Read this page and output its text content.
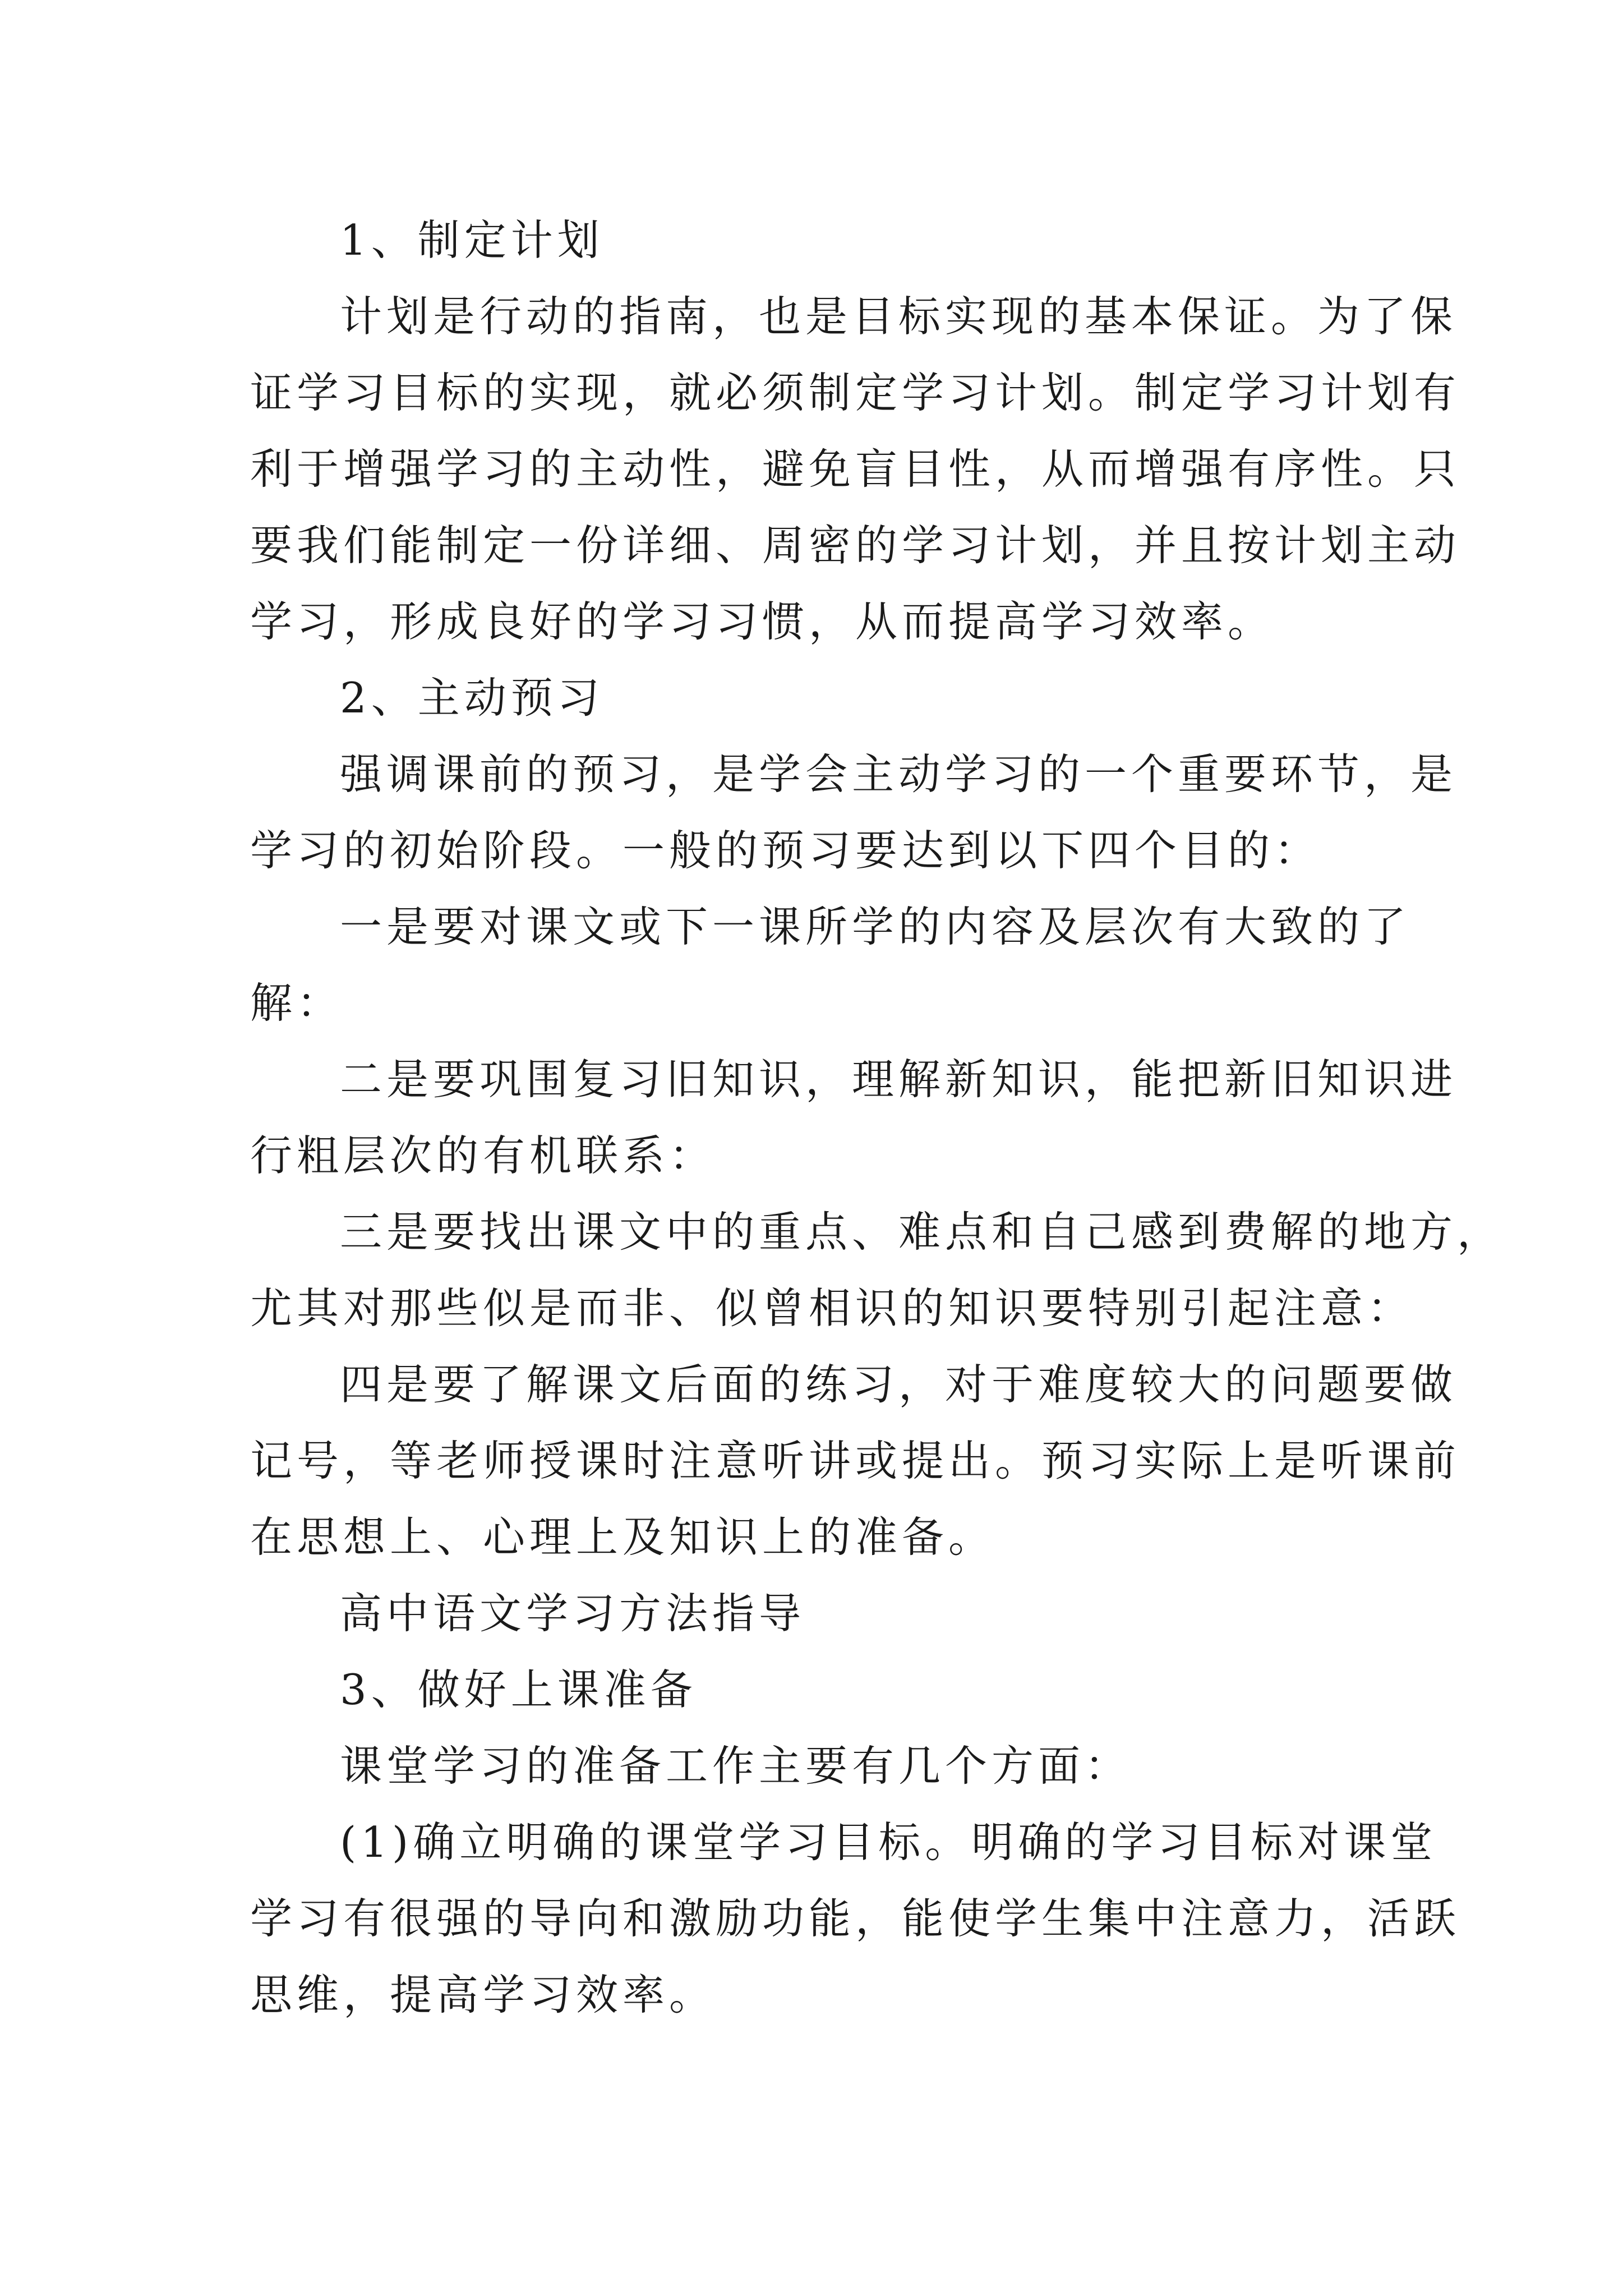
1、制定计划
计划是行动的指南，也是目标实现的基本保证。为了保
证学习目标的实现，就必须制定学习计划。制定学习计划有
利于增强学习的主动性，避免盲目性，从而增强有序性。只
要我们能制定一份详细、周密的学习计划，并且按计划主动
学习，形成良好的学习习惯，从而提高学习效率。
2、主动预习
强调课前的预习，是学会主动学习的一个重要环节，是
学习的初始阶段。一般的预习要达到以下四个目的：
一是要对课文或下一课所学的内容及层次有大致的了
解：
二是要巩围复习旧知识，理解新知识，能把新旧知识进
行粗层次的有机联系：
三是要找出课文中的重点、难点和自己感到费解的地方，
尤其对那些似是而非、似曾相识的知识要特别引起注意：
四是要了解课文后面的练习，对于难度较大的问题要做
记号，等老师授课时注意听讲或提出。预习实际上是听课前
在思想上、心理上及知识上的准备。
高中语文学习方法指导
3、做好上课准备
课堂学习的准备工作主要有几个方面：
(1)确立明确的课堂学习目标。明确的学习目标对课堂
学习有很强的导向和激励功能，能使学生集中注意力，活跃
思维，提高学习效率。
